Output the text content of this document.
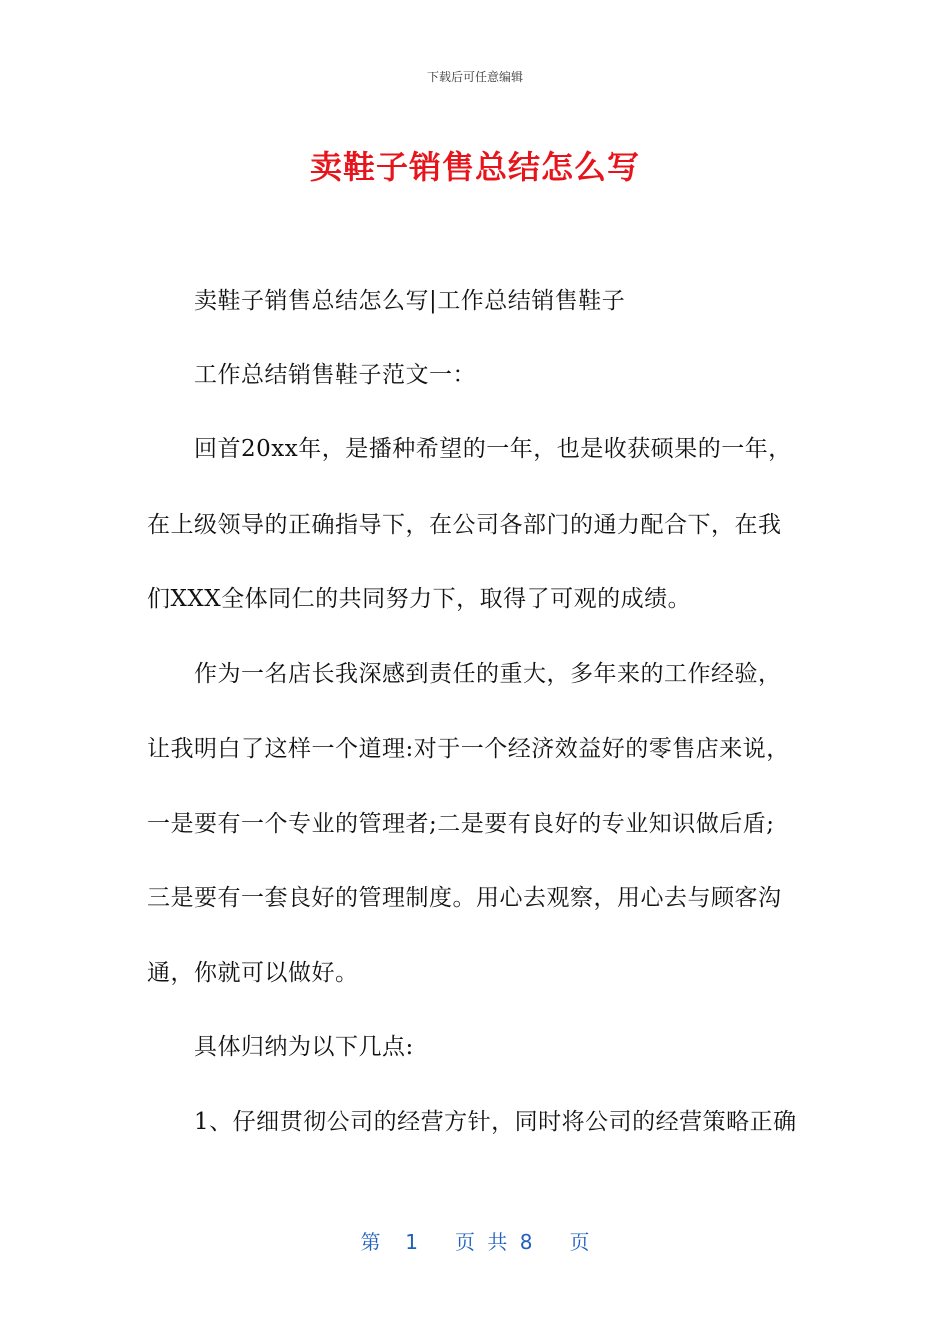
下载后可任意编辑
卖鞋子销售总结怎么写
卖鞋子销售总结怎么写|工作总结销售鞋子
工作总结销售鞋子范文一：
回首20xx年，是播种希望的一年，也是收获硕果的一年，
在上级领导的正确指导下，在公司各部门的通力配合下，在我
们XXX全体同仁的共同努力下，取得了可观的成绩。
作为一名店长我深感到责任的重大，多年来的工作经验，
让我明白了这样一个道理:对于一个经济效益好的零售店来说，
一是要有一个专业的管理者;二是要有良好的专业知识做后盾;
三是要有一套良好的管理制度。用心去观察，用心去与顾客沟
通，你就可以做好。
具体归纳为以下几点:
1、仔细贯彻公司的经营方针，同时将公司的经营策略正确
第  1   页 共 8   页
